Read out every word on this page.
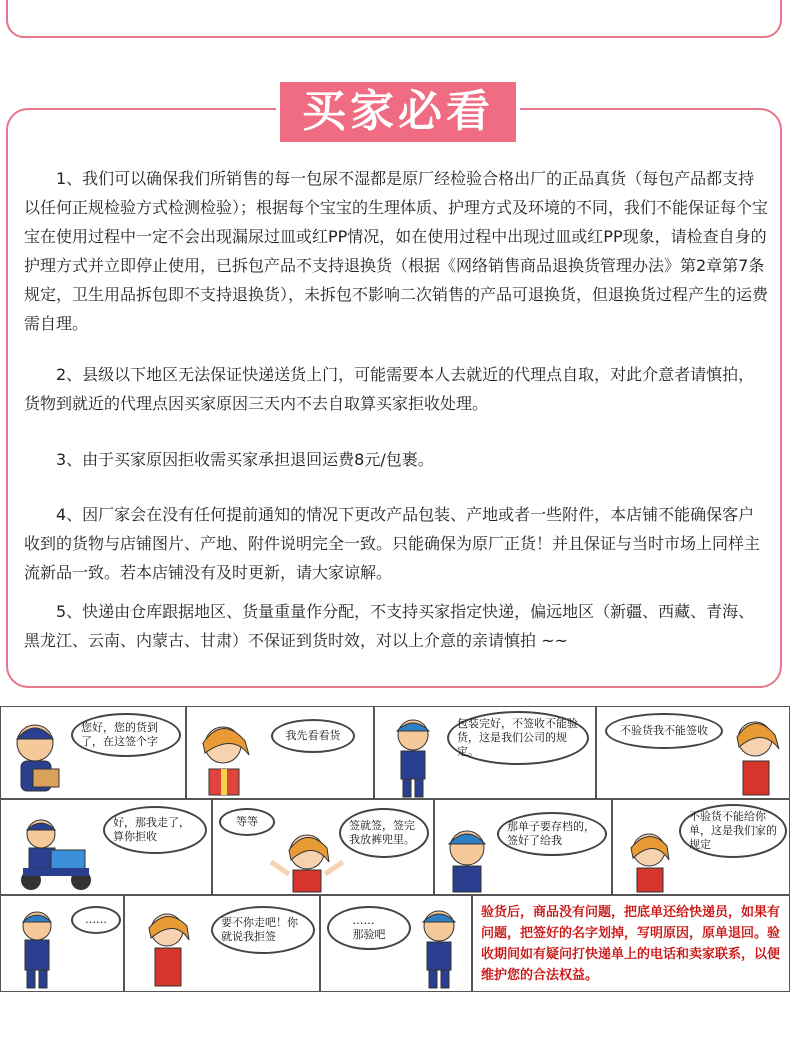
买家必看

1、我们可以确保我们所销售的每一包尿不湿都是原厂经检验合格出厂的正品真货（每包产品都支持以任何正规检验方式检测检验）；根据每个宝宝的生理体质、护理方式及环境的不同，我们不能保证每个宝宝在使用过程中一定不会出现漏尿过皿或红PP情况，如在使用过程中出现过皿或红PP现象，请检查自身的护理方式并立即停止使用，已拆包产品不支持退换货（根据《网络销售商品退换货管理办法》第2章第7条规定，卫生用品拆包即不支持退换货），未拆包不影响二次销售的产品可退换货，但退换货过程产生的运费需自理。

2、县级以下地区无法保证快递送货上门，可能需要本人去就近的代理点自取，对此介意者请慎拍，货物到就近的代理点因买家原因三天内不去自取算买家拒收处理。

3、由于买家原因拒收需买家承担退回运费8元/包裹。

4、因厂家会在没有任何提前通知的情况下更改产品包装、产地或者一些附件，本店铺不能确保客户收到的货物与店铺图片、产地、附件说明完全一致。只能确保为原厂正货！并且保证与当时市场上同样主流新品一致。若本店铺没有及时更新，请大家谅解。

5、快递由仓库跟据地区、货量重量作分配，不支持买家指定快递，偏远地区（新疆、西藏、青海、黑龙江、云南、内蒙古、甘肃）不保证到货时效，对以上介意的亲请慎拍 ~~

您好，您的货到了，在这签个字	我先看看货
包装完好，不签收不能验货，这是我们公司的规定。
不验货我不能签收
好，那我走了，算你拒收
等等	签就签，签完我放裤兜里。
那单子要存档的，签好了给我
不验货不能给你单，这是我们家的规定
……	要不你走吧！你就说我拒签
……
那验吧
验货后，商品没有问题，把底单还给快递员，如果有问题，把签好的名字划掉，写明原因，原单退回。验收期间如有疑问打快递单上的电话和卖家联系，以便维护您的合法权益。
